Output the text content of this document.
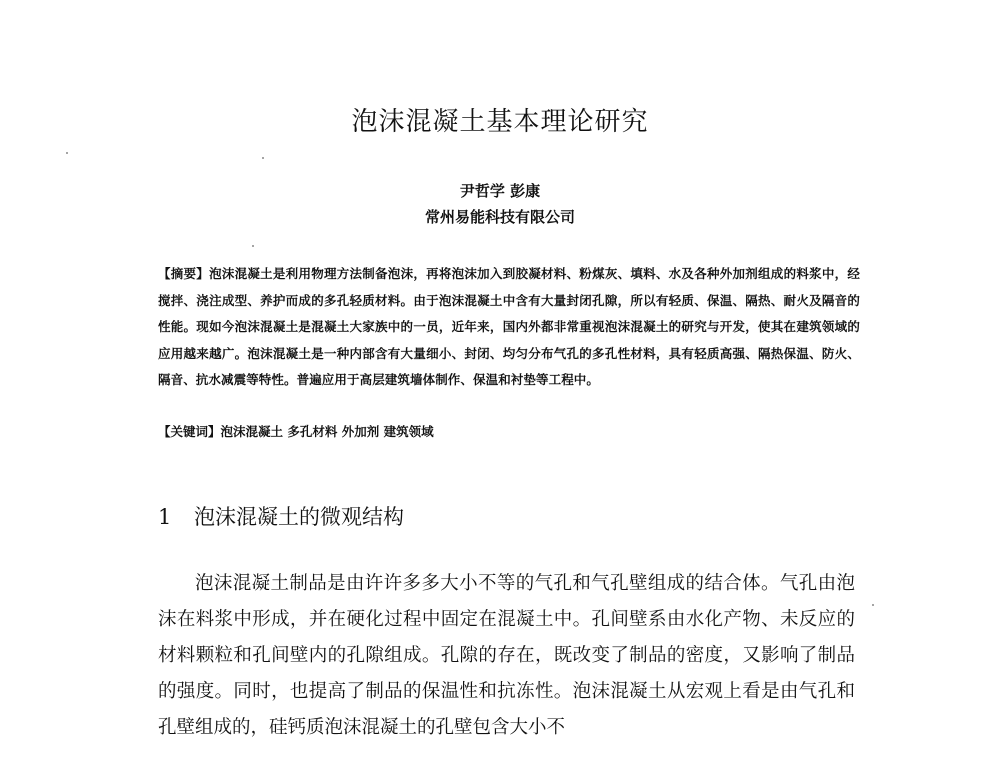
泡沫混凝土基本理论研究
尹哲学 彭康
常州易能科技有限公司
【摘要】泡沫混凝土是利用物理方法制备泡沫，再将泡沫加入到胶凝材料、粉煤灰、填料、水及各种外加剂组成的料浆中，经搅拌、浇注成型、养护而成的多孔轻质材料。由于泡沫混凝土中含有大量封闭孔隙，所以有轻质、保温、隔热、耐火及隔音的性能。现如今泡沫混凝土是混凝土大家族中的一员，近年来，国内外都非常重视泡沫混凝土的研究与开发，使其在建筑领域的应用越来越广。泡沫混凝土是一种内部含有大量细小、封闭、均匀分布气孔的多孔性材料，具有轻质高强、隔热保温、防火、隔音、抗水减震等特性。普遍应用于高层建筑墙体制作、保温和衬垫等工程中。
【关键词】泡沫混凝土 多孔材料 外加剂 建筑领域
1 泡沫混凝土的微观结构
泡沫混凝土制品是由许许多多大小不等的气孔和气孔壁组成的结合体。气孔由泡沫在料浆中形成，并在硬化过程中固定在混凝土中。孔间壁系由水化产物、未反应的材料颗粒和孔间壁内的孔隙组成。孔隙的存在，既改变了制品的密度，又影响了制品的强度。同时，也提高了制品的保温性和抗冻性。泡沫混凝土从宏观上看是由气孔和孔壁组成的，硅钙质泡沫混凝土的孔壁包含大小不
